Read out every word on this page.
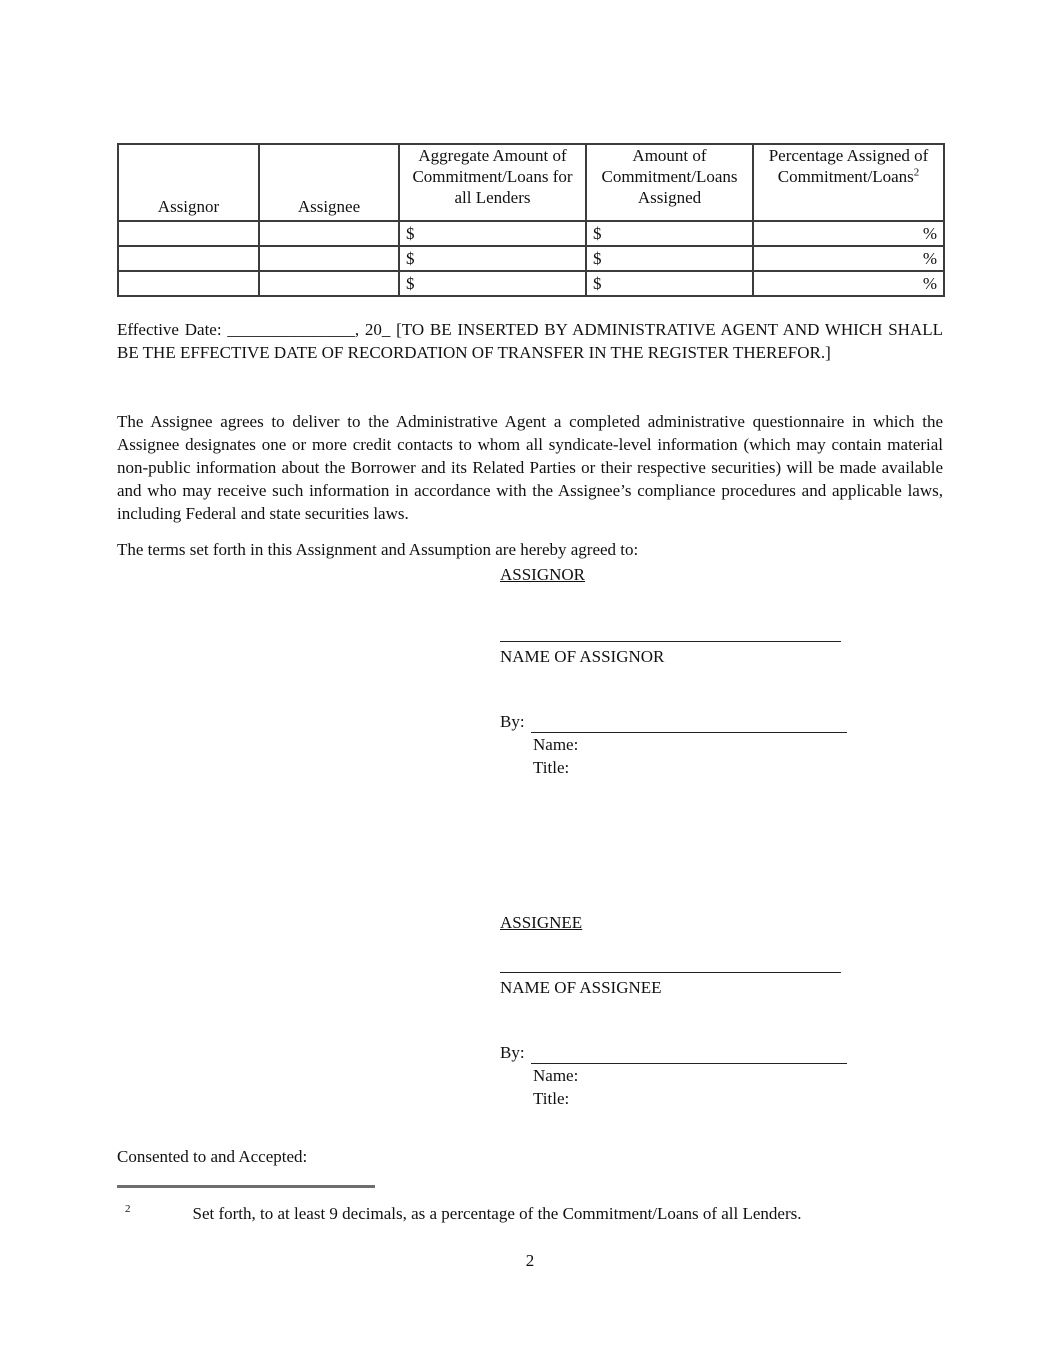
Assignor	Assignee	Aggregate Amount of Commitment/Loans for all Lenders	Amount of Commitment/Loans Assigned	Percentage Assigned of Commitment/Loans$^2$
		$	$	%
		$	$	%
		$	$	%

Effective Date: _______________, 20_ [TO BE INSERTED BY ADMINISTRATIVE AGENT AND WHICH SHALL BE THE EFFECTIVE DATE OF RECORDATION OF TRANSFER IN THE REGISTER THEREFOR.]

The Assignee agrees to deliver to the Administrative Agent a completed administrative questionnaire in which the Assignee designates one or more credit contacts to whom all syndicate-level information (which may contain material non-public information about the Borrower and its Related Parties or their respective securities) will be made available and who may receive such information in accordance with the Assignee’s compliance procedures and applicable laws, including Federal and state securities laws.

The terms set forth in this Assignment and Assumption are hereby agreed to:

ASSIGNOR
NAME OF ASSIGNOR
By:
Name:
Title:
ASSIGNEE
NAME OF ASSIGNEE
By:
Name:
Title:
Consented to and Accepted:
$^2$	Set forth, to at least 9 decimals, as a percentage of the Commitment/Loans of all Lenders.
2
